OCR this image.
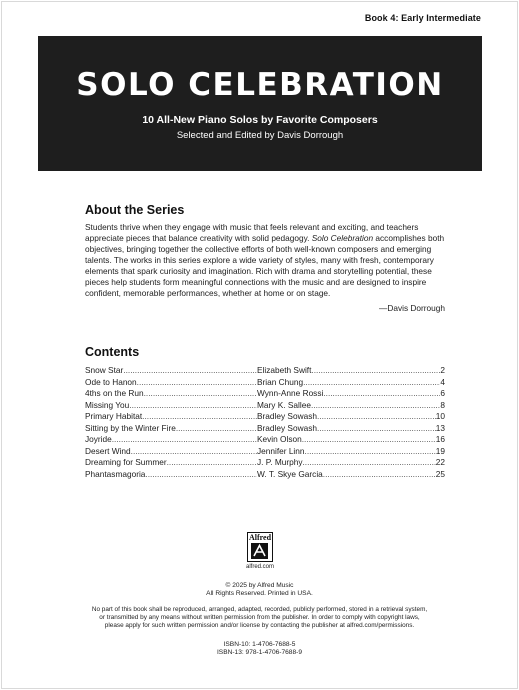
Book 4: Early Intermediate
SOLO CELEBRATION
10 All-New Piano Solos by Favorite Composers
Selected and Edited by Davis Dorrough
About the Series

Students thrive when they engage with music that feels relevant and exciting, and teachers appreciate pieces that balance creativity with solid pedagogy. Solo Celebration accomplishes both objectives, bringing together the collective efforts of both well-known composers and emerging talents. The works in this series explore a wide variety of styles, many with fresh, contemporary elements that spark curiosity and imagination. Rich with drama and storytelling potential, these pieces help students form meaningful connections with the music and are designed to inspire confident, memorable performances, whether at home or on stage.

—Davis Dorrough
Contents
Snow Star .....	Elizabeth Swift .....	2
Ode to Hanon .....	Brian Chung .....	4
4ths on the Run .....	Wynn-Anne Rossi .....	6
Missing You .....	Mary K. Sallee .....	8
Primary Habitat .....	Bradley Sowash .....	10
Sitting by the Winter Fire .....	Bradley Sowash .....	13
Joyride .....	Kevin Olson .....	16
Desert Wind .....	Jennifer Linn .....	19
Dreaming for Summer .....	J. P. Murphy .....	22
Phantasmagoria .....	W. T. Skye Garcia .....	25
Alfred
alfred.com
© 2025 by Alfred Music
All Rights Reserved. Printed in USA.
No part of this book shall be reproduced, arranged, adapted, recorded, publicly performed, stored in a retrieval system,
or transmitted by any means without written permission from the publisher. In order to comply with copyright laws,
please apply for such written permission and/or license by contacting the publisher at alfred.com/permissions.
ISBN-10: 1-4706-7688-5
ISBN-13: 978-1-4706-7688-9
